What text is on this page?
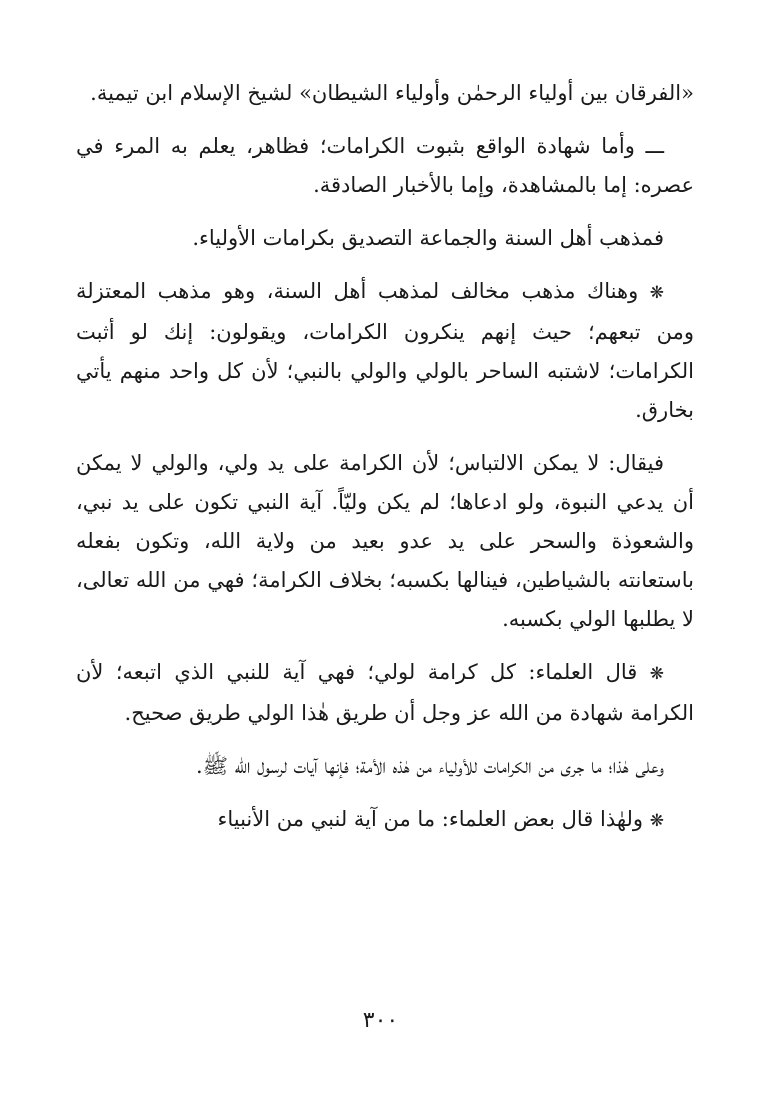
«الفرقان بين أولياء الرحمٰن وأولياء الشيطان» لشيخ الإسلام ابن تيمية.

ـــ وأما شهادة الواقع بثبوت الكرامات؛ فظاهر، يعلم به المرء في عصره: إما بالمشاهدة، وإما بالأخبار الصادقة.

فمذهب أهل السنة والجماعة التصديق بكرامات الأولياء.

❋ وهناك مذهب مخالف لمذهب أهل السنة، وهو مذهب المعتزلة ومن تبعهم؛ حيث إنهم ينكرون الكرامات، ويقولون: إنك لو أثبت الكرامات؛ لاشتبه الساحر بالولي والولي بالنبي؛ لأن كل واحد منهم يأتي بخارق.

فيقال: لا يمكن الالتباس؛ لأن الكرامة على يد ولي، والولي لا يمكن أن يدعي النبوة، ولو ادعاها؛ لم يكن وليّاً. آية النبي تكون على يد نبي، والشعوذة والسحر على يد عدو بعيد من ولاية الله، وتكون بفعله باستعانته بالشياطين، فينالها بكسبه؛ بخلاف الكرامة؛ فهي من الله تعالى، لا يطلبها الولي بكسبه.

❋ قال العلماء: كل كرامة لولي؛ فهي آية للنبي الذي اتبعه؛ لأن الكرامة شهادة من الله عز وجل أن طريق هٰذا الولي طريق صحيح.

وعلى هٰذا؛ ما جرى من الكرامات للأولياء من هٰذه الأمة؛ فإنها آيات لرسول الله ﷺ.

❋ ولهٰذا قال بعض العلماء: ما من آية لنبي من الأنبياء

٣٠٠
